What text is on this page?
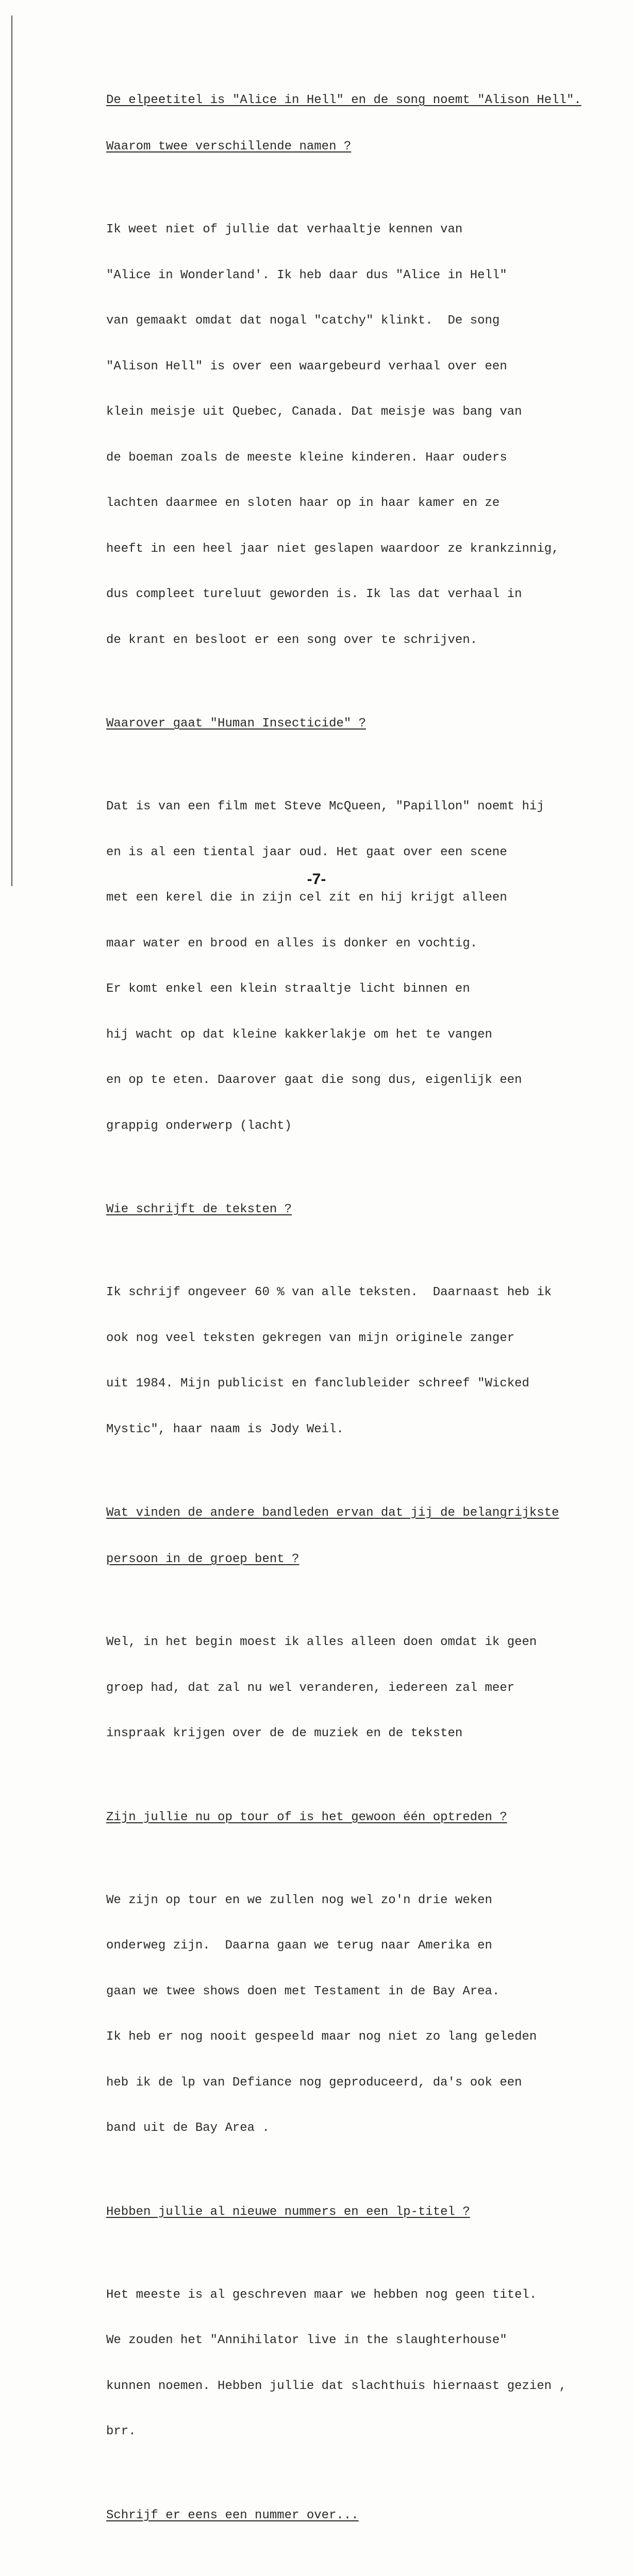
De elpeetitel is "Alice in Hell" en de song noemt "Alison Hell".

Waarom twee verschillende namen ?

Ik weet niet of jullie dat verhaaltje kennen van

"Alice in Wonderland'. Ik heb daar dus "Alice in Hell"

van gemaakt omdat dat nogal "catchy" klinkt.  De song

"Alison Hell" is over een waargebeurd verhaal over een

klein meisje uit Quebec, Canada. Dat meisje was bang van

de boeman zoals de meeste kleine kinderen. Haar ouders

lachten daarmee en sloten haar op in haar kamer en ze

heeft in een heel jaar niet geslapen waardoor ze krankzinnig,

dus compleet tureluut geworden is. Ik las dat verhaal in

de krant en besloot er een song over te schrijven.

Waarover gaat "Human Insecticide" ?

Dat is van een film met Steve McQueen, "Papillon" noemt hij

en is al een tiental jaar oud. Het gaat over een scene

met een kerel die in zijn cel zit en hij krijgt alleen

maar water en brood en alles is donker en vochtig.

Er komt enkel een klein straaltje licht binnen en

hij wacht op dat kleine kakkerlakje om het te vangen

en op te eten. Daarover gaat die song dus, eigenlijk een

grappig onderwerp (lacht)

Wie schrijft de teksten ?

Ik schrijf ongeveer 60 % van alle teksten.  Daarnaast heb ik

ook nog veel teksten gekregen van mijn originele zanger

uit 1984. Mijn publicist en fanclubleider schreef "Wicked

Mystic", haar naam is Jody Weil.

Wat vinden de andere bandleden ervan dat jij de belangrijkste

persoon in de groep bent ?

Wel, in het begin moest ik alles alleen doen omdat ik geen

groep had, dat zal nu wel veranderen, iedereen zal meer

inspraak krijgen over de de muziek en de teksten

Zijn jullie nu op tour of is het gewoon één optreden ?

We zijn op tour en we zullen nog wel zo'n drie weken

onderweg zijn.  Daarna gaan we terug naar Amerika en

gaan we twee shows doen met Testament in de Bay Area.

Ik heb er nog nooit gespeeld maar nog niet zo lang geleden

heb ik de lp van Defiance nog geproduceerd, da's ook een

band uit de Bay Area .

Hebben jullie al nieuwe nummers en een lp-titel ?

Het meeste is al geschreven maar we hebben nog geen titel.

We zouden het "Annihilator live in the slaughterhouse"

kunnen noemen. Hebben jullie dat slachthuis hiernaast gezien ,

brr.

Schrijf er eens een nummer over...

-7-
